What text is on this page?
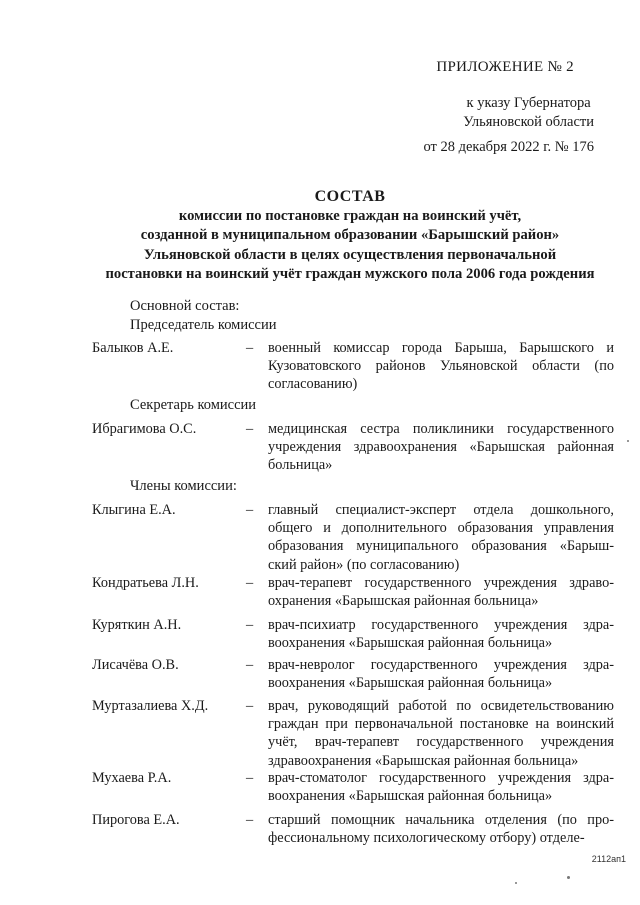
ПРИЛОЖЕНИЕ № 2
к указу Губернатора
Ульяновской области
от 28 декабря 2022 г. № 176
СОСТАВ
комиссии по постановке граждан на воинский учёт,
созданной в муниципальном образовании «Барышский район»
Ульяновской области в целях осуществления первоначальной
постановки на воинский учёт граждан мужского пола 2006 года рождения
Основной состав:
Председатель комиссии
Балыков А.Е.	– военный комиссар города Барыша, Барышского и Кузоватовского районов Ульяновской области (по согласованию)
Секретарь комиссии
Ибрагимова О.С.	– медицинская сестра поликлиники государственного учреждения здравоохранения «Барышская районная больница»
Члены комиссии:
Клыгина Е.А.	– главный специалист-эксперт отдела дошкольного, общего и дополнительного образования управления образования муниципального образования «Барыш-ский район» (по согласованию)
Кондратьева Л.Н.	– врач-терапевт государственного учреждения здраво-охранения «Барышская районная больница»
Куряткин А.Н.	– врач-психиатр государственного учреждения здра-воохранения «Барышская районная больница»
Лисачёва О.В.	– врач-невролог государственного учреждения здра-воохранения «Барышская районная больница»
Муртазалиева Х.Д.	– врач, руководящий работой по освидетельствованию граждан при первоначальной постановке на воинский учёт, врач-терапевт государственного учреждения здравоохранения «Барышская районная больница»
Мухаева Р.А.	– врач-стоматолог государственного учреждения здра-воохранения «Барышская районная больница»
Пирогова Е.А.	– старший помощник начальника отделения (по про-фессиональному психологическому отбору) отделе-
2112ап1
